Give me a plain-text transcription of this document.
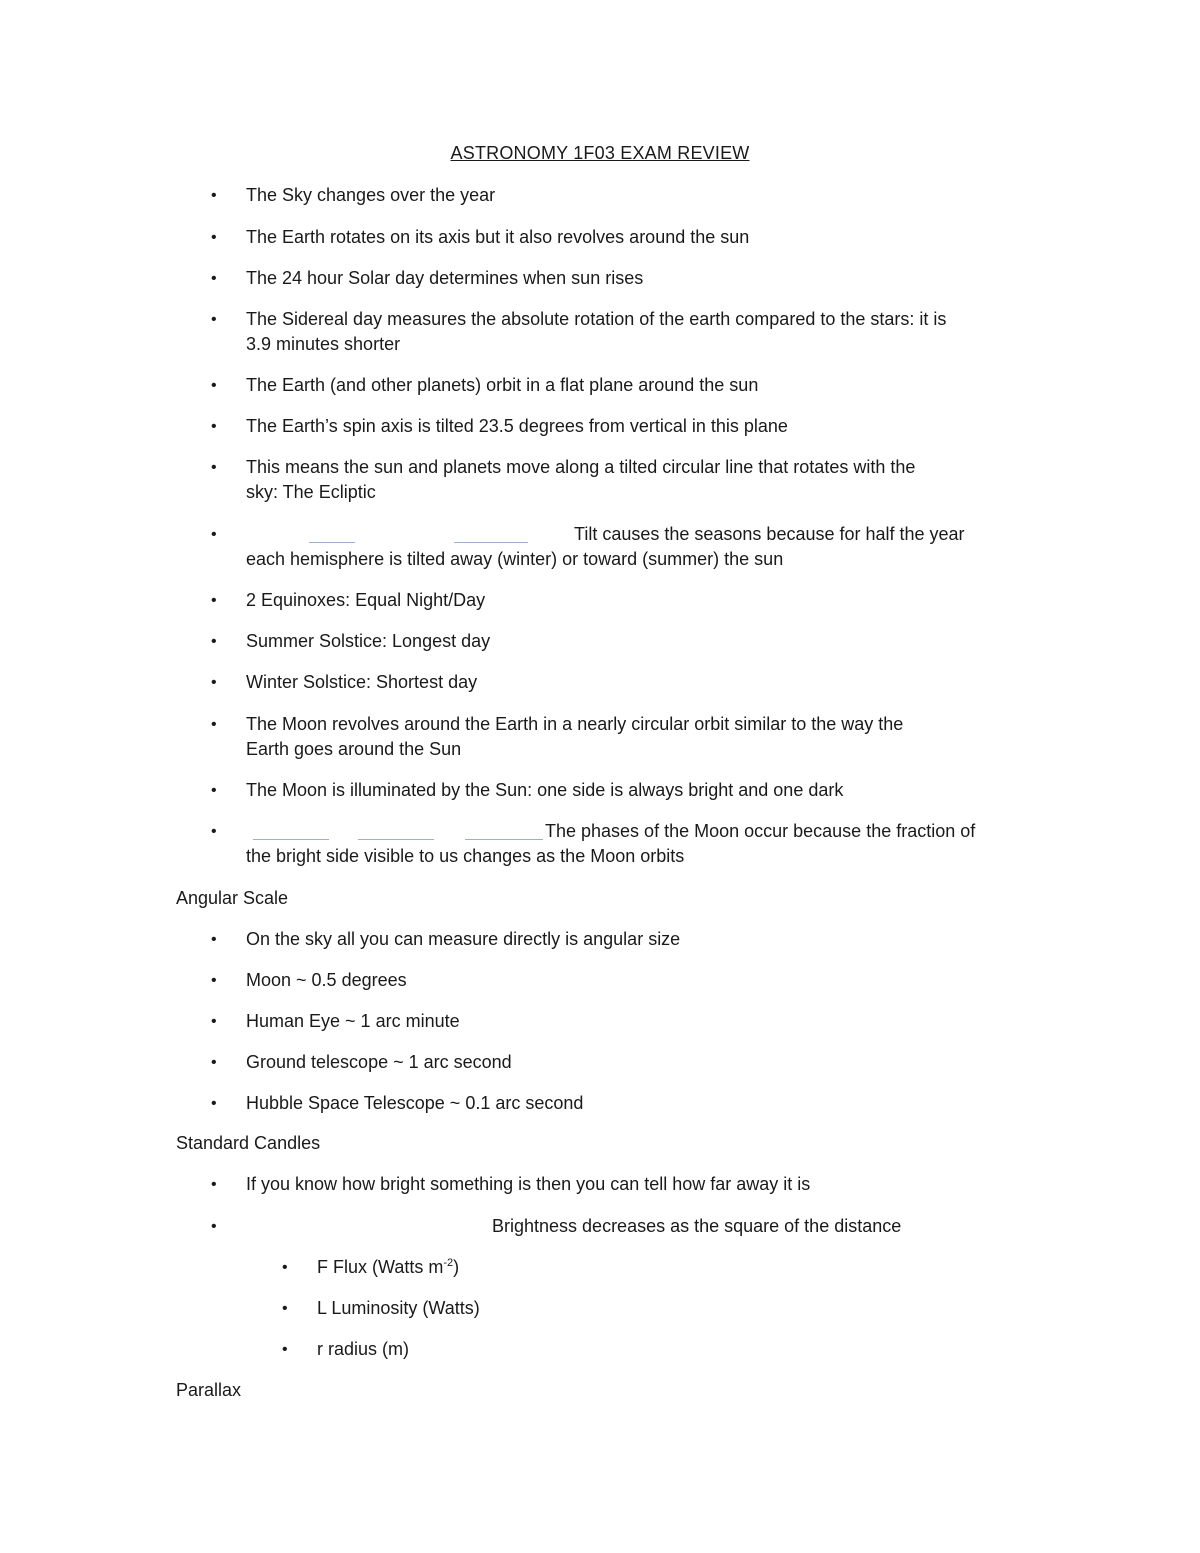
ASTRONOMY 1F03 EXAM REVIEW
• The Sky changes over the year
• The Earth rotates on its axis but it also revolves around the sun
• The 24 hour Solar day determines when sun rises
• The Sidereal day measures the absolute rotation of the earth compared to the stars: it is
3.9 minutes shorter
• The Earth (and other planets) orbit in a flat plane around the sun
• The Earth’s spin axis is tilted 23.5 degrees from vertical in this plane
• This means the sun and planets move along a tilted circular line that rotates with the
sky: The Ecliptic
•	Tilt causes the seasons because for half the year
each hemisphere is tilted away (winter) or toward (summer) the sun
• 2 Equinoxes: Equal Night/Day
• Summer Solstice: Longest day
• Winter Solstice: Shortest day
• The Moon revolves around the Earth in a nearly circular orbit similar to the way the
Earth goes around the Sun
• The Moon is illuminated by the Sun: one side is always bright and one dark
•	The phases of the Moon occur because the fraction of
the bright side visible to us changes as the Moon orbits
Angular Scale
• On the sky all you can measure directly is angular size
• Moon ~ 0.5 degrees
• Human Eye ~ 1 arc minute
• Ground telescope ~ 1 arc second
• Hubble Space Telescope ~ 0.1 arc second
Standard Candles
• If you know how bright something is then you can tell how far away it is
•	Brightness decreases as the square of the distance
• F Flux (Watts $m^{-2}$)
• L Luminosity (Watts)
• r radius (m)
Parallax
